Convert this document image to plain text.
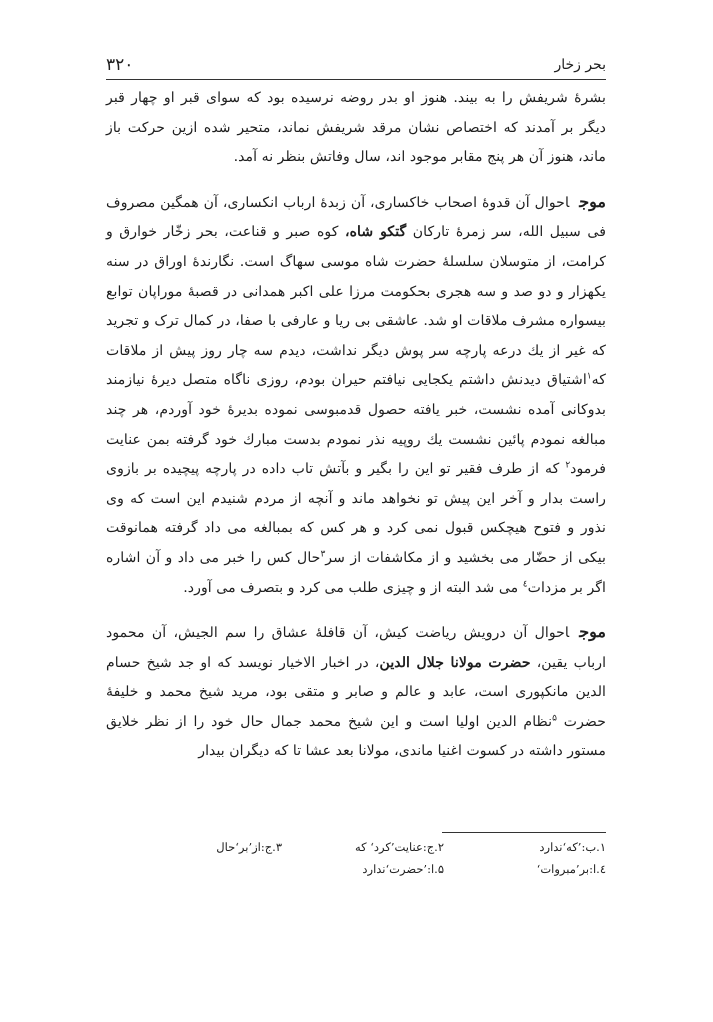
بحر زخار
۳۲۰

بشرهٔ شریفش را به بیند. هنوز او بدر روضه نرسیده بود که سوای قبر او چهار قبر دیگر بر آمدند که اختصاص نشان مرقد شریفش نماند، متحیر شده ازین حرکت باز ماند، هنوز آن هر پنج مقابر موجود اند، سال وفاتش بنظر نه آمد.

موجاحوال آن قدوهٔ اصحاب خاکساری، آن زبدهٔ ارباب انکساری، آن همگین مصروف فی سبیل الله، سر زمرهٔ تارکان گتکو شاه، کوه صبر و قناعت، بحر زخّار خوارق و کرامت، از متوسلان سلسلهٔ حضرت شاه موسی سهاگ است. نگارندهٔ اوراق در سنه یکهزار و دو صد و سه هجری بحکومت مرزا علی اکبر همدانی در قصبهٔ موراپان توابع بیسواره مشرف ملاقات او شد. عاشقی بی ریا و عارفی با صفا، در کمال ترک و تجرید که غیر از یك درعه پارچه سر پوش دیگر نداشت، دیدم سه چار روز پیش از ملاقات که$^۱$اشتیاق دیدنش داشتم یکجایی نیافتم حیران بودم، روزی ناگاه متصل دیرهٔ نیازمند بدوکانی آمده نشست، خبر یافته حصول قدمبوسی نموده بدیرهٔ خود آوردم، هر چند مبالغه نمودم پائین نشست یك روپیه نذر نمودم بدست مبارك خود گرفته بمن عنایت فرمود$^۲$ که از طرف فقیر تو این را بگیر و بآتش تاب داده در پارچه پیچیده بر بازوی راست بدار و آخر این پیش تو نخواهد ماند و آنچه از مردم شنیدم این است که وی نذور و فتوح هیچکس قبول نمی کرد و هر کس که بمبالغه می داد گرفته همانوقت بیکی از حضّار می بخشید و از مکاشفات از سر$^۳$حال کس را خبر می داد و آن اشاره اگر بر مزدات$^٤$ می شد البته از و چیزی طلب می کرد و بتصرف می آورد.

موجاحوال آن درویش ریاضت کیش، آن قافلهٔ عشاق را سم الجیش، آن محمود ارباب یقین، حضرت مولانا جلال الدین، در اخبار الاخیار نویسد که او جد شیخ حسام الدین مانکپوری است، عابد و عالم و صابر و متقی بود، مرید شیخ محمد و خلیفهٔ حضرت $^۵$نظام الدین اولیا است و این شیخ محمد جمال حال خود را از نظر خلایق مستور داشته در کسوت اغنیا ماندی، مولانا بعد عشا تا که دیگران بیدار

۱.ب:’که‘ندارد
۲.ج:عنایت’کرد‘ که
۳.ج:از’بر‘حال
٤.ا:بر’مبروات‘
۵.ا:’حضرت‘ندارد
